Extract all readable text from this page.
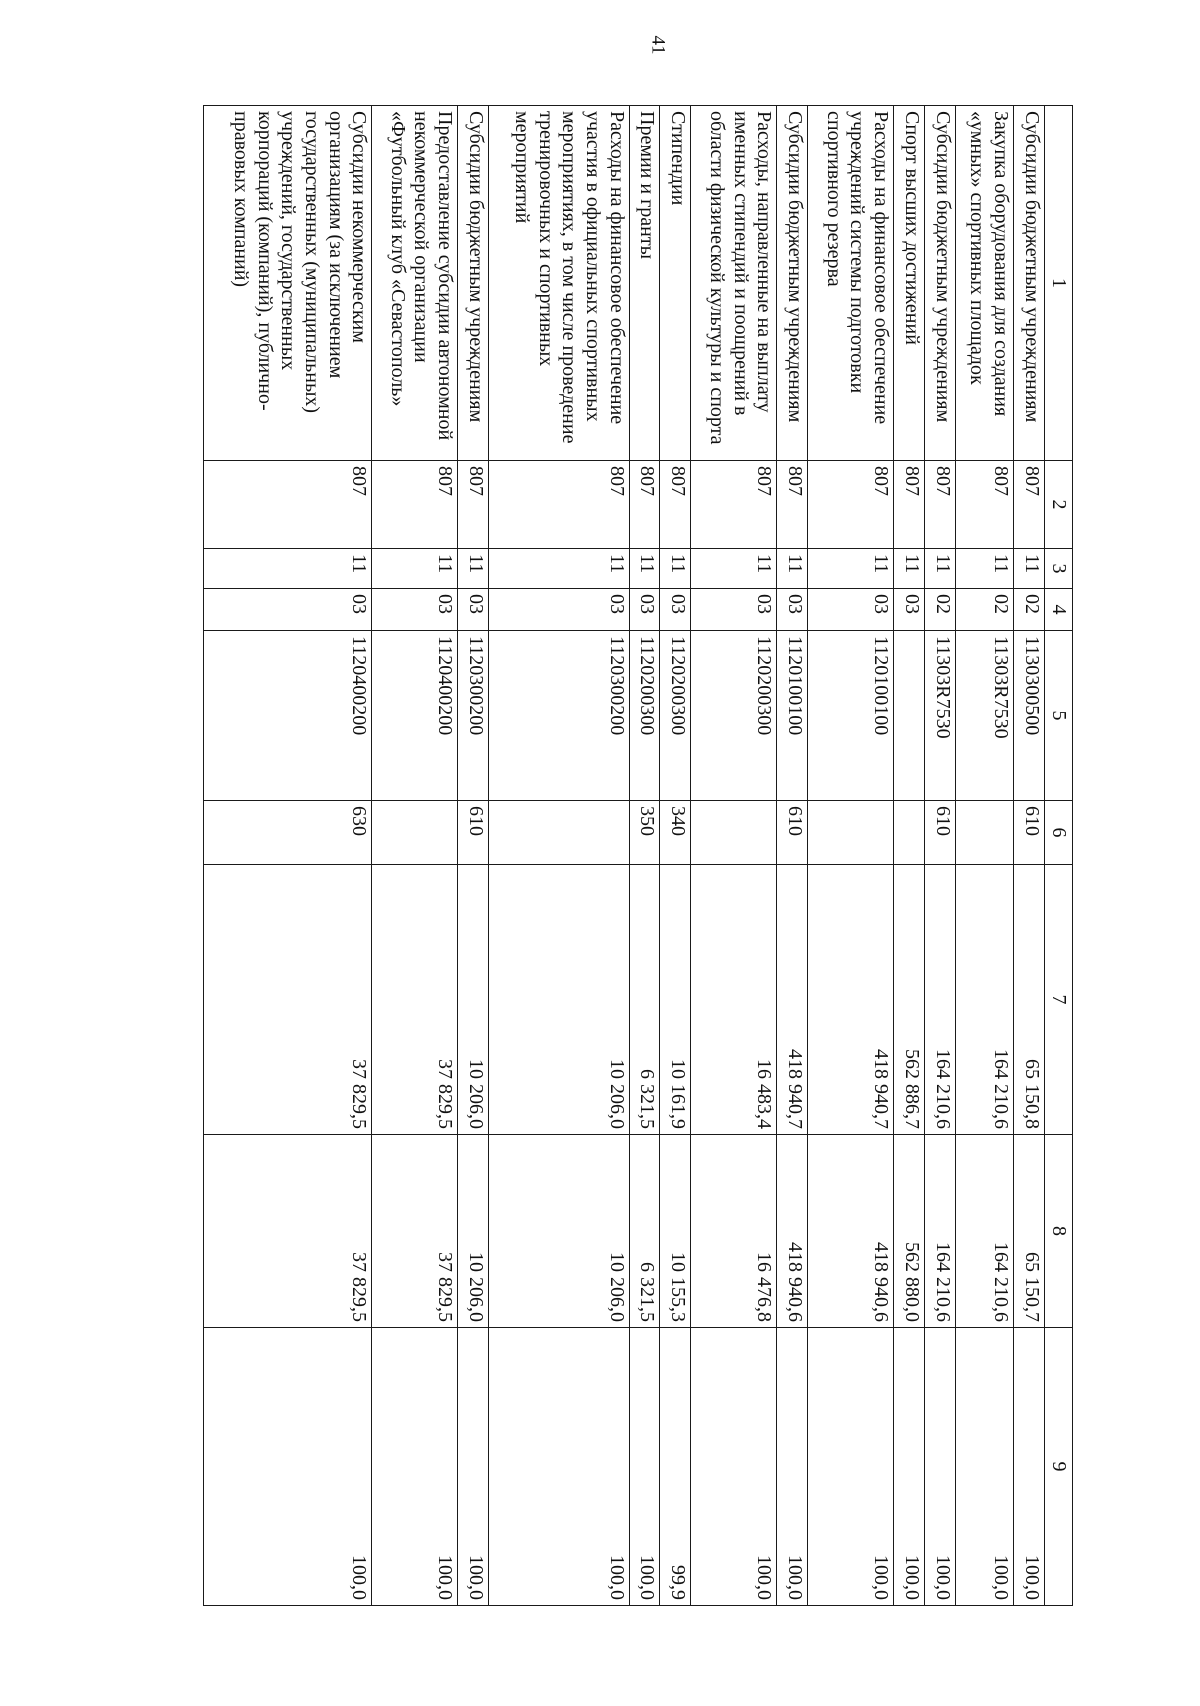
41
1	2	3	4	5	6	7	8	9
Субсидии бюджетным учреждениям	807	11	02	1130300500	610	65 150,8	65 150,7	100,0
Закупка оборудования для создания «умных» спортивных площадок	807	11	02	11303R7530		164 210,6	164 210,6	100,0
Субсидии бюджетным учреждениям	807	11	02	11303R7530	610	164 210,6	164 210,6	100,0
Спорт высших достижений	807	11	03			562 886,7	562 880,0	100,0
Расходы на финансовое обеспечение учреждений системы подготовки спортивного резерва	807	11	03	1120100100		418 940,7	418 940,6	100,0
Субсидии бюджетным учреждениям	807	11	03	1120100100	610	418 940,7	418 940,6	100,0
Расходы, направленные на выплату именных стипендий и поощрений в области физической культуры и спорта	807	11	03	1120200300		16 483,4	16 476,8	100,0
Стипендии	807	11	03	1120200300	340	10 161,9	10 155,3	99,9
Премии и гранты	807	11	03	1120200300	350	6 321,5	6 321,5	100,0
Расходы на финансовое обеспечение участия в официальных спортивных мероприятиях, в том числе проведение тренировочных и спортивных мероприятий	807	11	03	1120300200		10 206,0	10 206,0	100,0
Субсидии бюджетным учреждениям	807	11	03	1120300200	610	10 206,0	10 206,0	100,0
Предоставление субсидии автономной некоммерческой организации «Футбольный клуб «Севастополь»	807	11	03	1120400200		37 829,5	37 829,5	100,0
Субсидии некоммерческим организациям (за исключением государственных (муниципальных) учреждений, государственных корпораций (компаний), публично-правовых компаний)	807	11	03	1120400200	630	37 829,5	37 829,5	100,0
